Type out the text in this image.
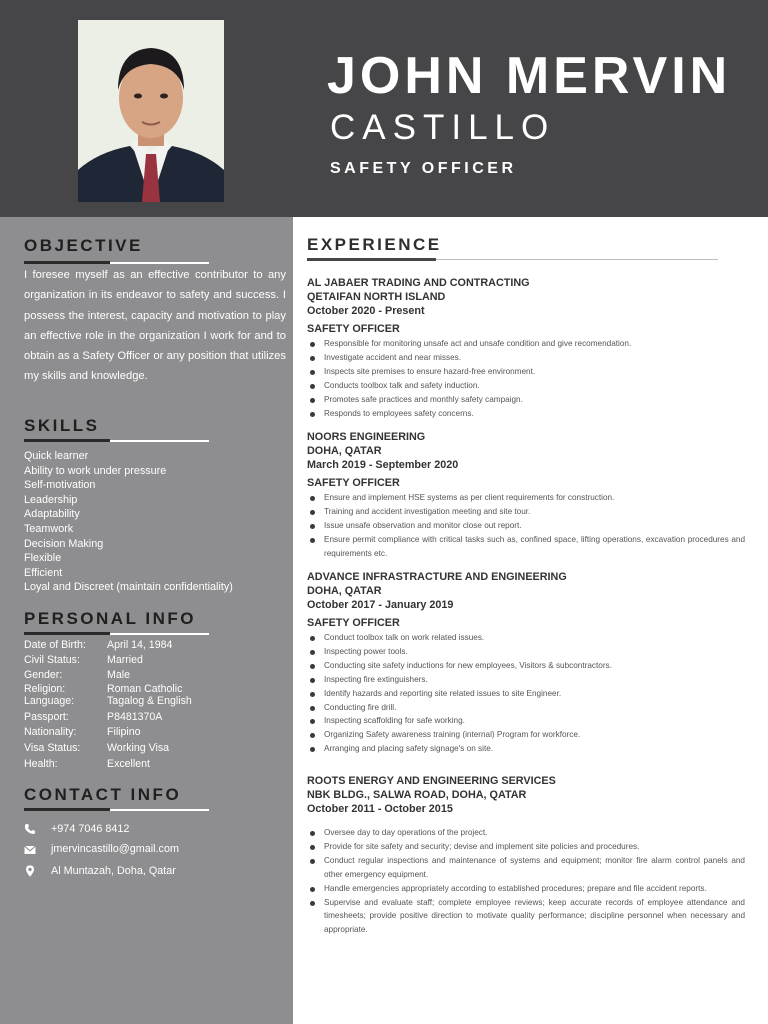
JOHN MERVIN
CASTILLO
SAFETY OFFICER
OBJECTIVE

I foresee myself as an effective contributor to any organization in its endeavor to safety and success. I possess the interest, capacity and motivation to play an effective role in the organization I work for and to obtain as a Safety Officer or any position that utilizes my skills and knowledge.

SKILLS
Quick learner
Ability to work under pressure
Self-motivation
Leadership
Adaptability
Teamwork
Decision Making
Flexible
Efficient
Loyal and Discreet (maintain confidentiality)
PERSONAL INFO
Date of Birth: April 14, 1984
Civil Status:	Married
Gender:	Male
Religion:	Roman Catholic
Language:	Tagalog & English
Passport:	P8481370A
Nationality:	Filipino
Visa Status:	Working Visa
Health:	Excellent
CONTACT INFO
+974 7046 8412
jmervincastillo@gmail.com
Al Muntazah, Doha, Qatar
EXPERIENCE
AL JABAER TRADING AND CONTRACTING
QETAIFAN NORTH ISLAND
October 2020 - Present
SAFETY OFFICER
Responsible for monitoring unsafe act and unsafe condition and give recomendation.
Investigate accident and near misses.
Inspects site premises to ensure hazard-free environment.
Conducts toolbox talk and safety induction.
Promotes safe practices and monthly safety campaign.
Responds to employees safety concerns.
NOORS ENGINEERING
DOHA, QATAR
March 2019 - September 2020
SAFETY OFFICER
Ensure and implement HSE systems as per client requirements for construction.
Training and accident investigation meeting and site tour.
Issue unsafe observation and monitor close out report.
Ensure permit compliance with critical tasks such as, confined space, lifting operations, excavation procedures and requirements etc.
ADVANCE INFRASTRACTURE AND ENGINEERING
DOHA, QATAR
October 2017 - January 2019
SAFETY OFFICER
Conduct toolbox talk on work related issues.
Inspecting power tools.
Conducting site safety inductions for new employees, Visitors & subcontractors.
Inspecting fire extinguishers.
Identify hazards and reporting site related issues to site Engineer.
Conducting fire drill.
Inspecting scaffolding for safe working.
Organizing Safety awareness training (internal) Program for workforce.
Arranging and placing safety signage's on site.
ROOTS ENERGY AND ENGINEERING SERVICES
NBK BLDG., SALWA ROAD, DOHA, QATAR
October 2011 - October 2015
Oversee day to day operations of the project.
Provide for site safety and security; devise and implement site policies and procedures.
Conduct regular inspections and maintenance of systems and equipment; monitor fire alarm control panels and other emergency equipment.
Handle emergencies appropriately according to established procedures; prepare and file accident reports.
Supervise and evaluate staff; complete employee reviews; keep accurate records of employee attendance and timesheets; provide positive direction to motivate quality performance; discipline personnel when necessary and appropriate.
